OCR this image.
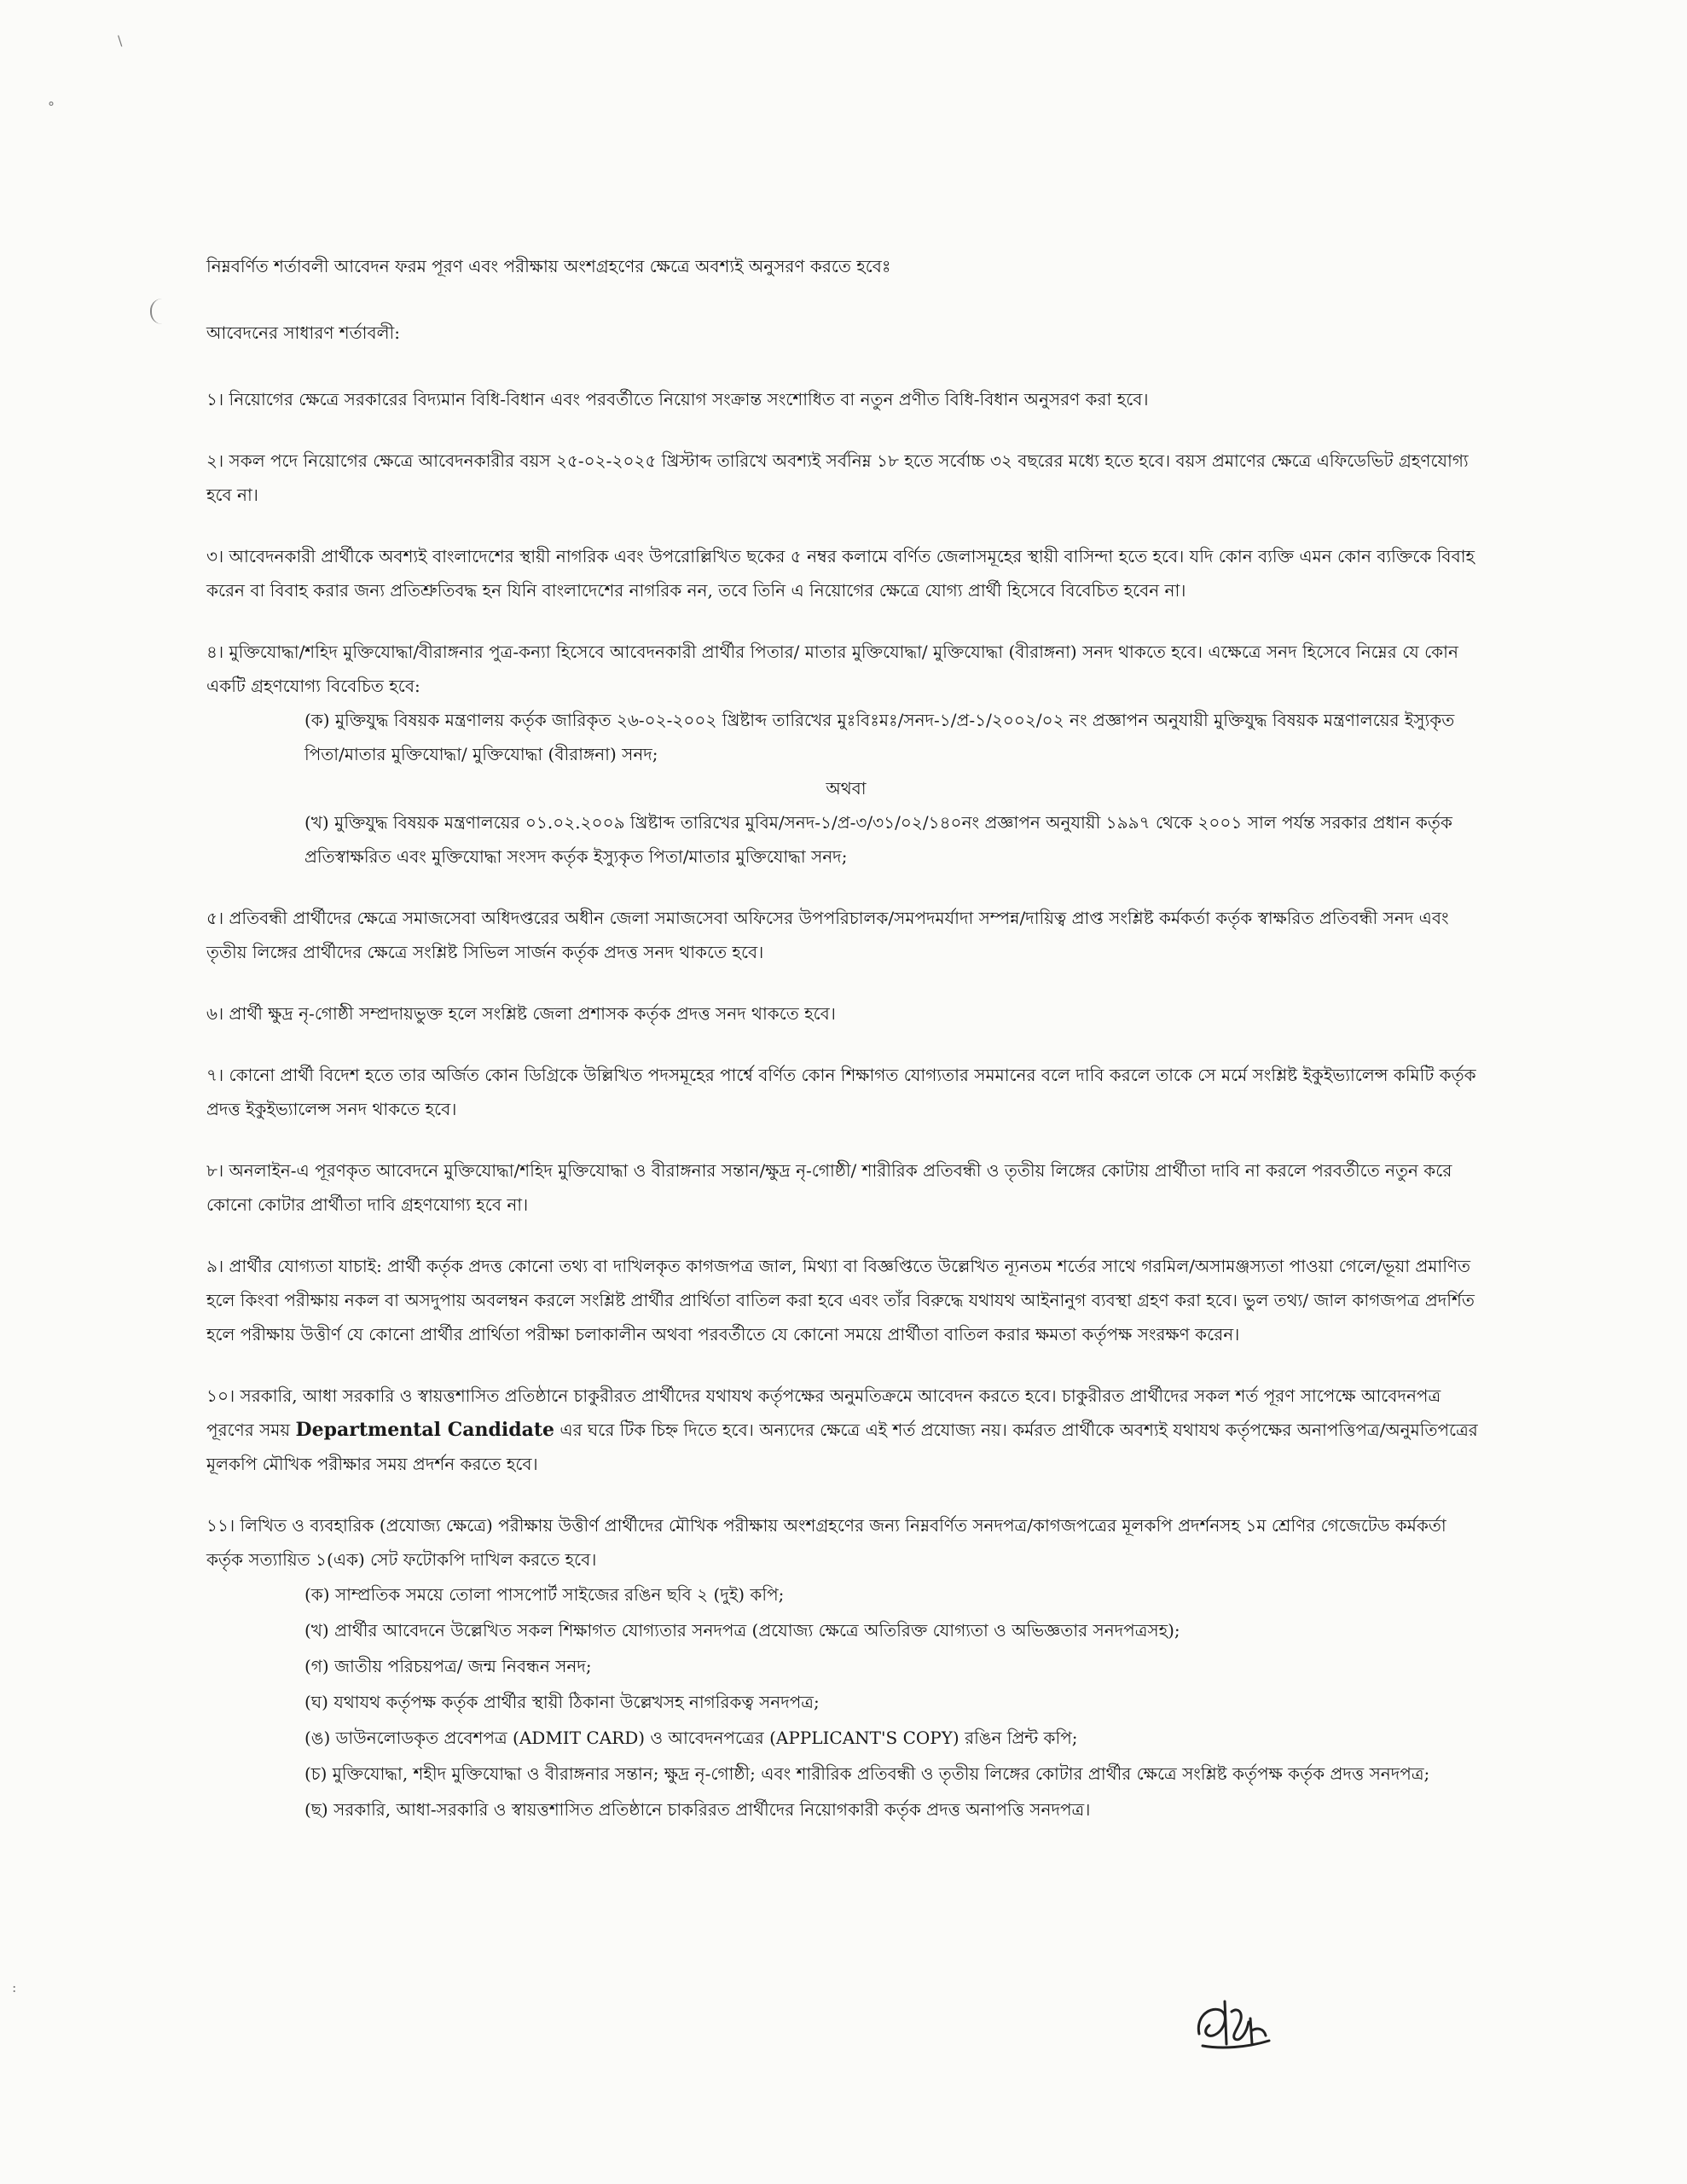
\
°
:
নিম্নবর্ণিত শর্তাবলী আবেদন ফরম পূরণ এবং পরীক্ষায় অংশগ্রহণের ক্ষেত্রে অবশ্যই অনুসরণ করতে হবেঃ
আবেদনের সাধারণ শর্তাবলী:
১। নিয়োগের ক্ষেত্রে সরকারের বিদ্যমান বিধি-বিধান এবং পরবর্তীতে নিয়োগ সংক্রান্ত সংশোধিত বা নতুন প্রণীত বিধি-বিধান অনুসরণ করা হবে।
২। সকল পদে নিয়োগের ক্ষেত্রে আবেদনকারীর বয়স ২৫-০২-২০২৫ খ্রিস্টাব্দ তারিখে অবশ্যই সর্বনিম্ন ১৮ হতে সর্বোচ্চ ৩২ বছরের মধ্যে হতে হবে। বয়স প্রমাণের ক্ষেত্রে এফিডেভিট গ্রহণযোগ্য হবে না।
৩। আবেদনকারী প্রার্থীকে অবশ্যই বাংলাদেশের স্থায়ী নাগরিক এবং উপরোল্লিখিত ছকের ৫ নম্বর কলামে বর্ণিত জেলাসমূহের স্থায়ী বাসিন্দা হতে হবে। যদি কোন ব্যক্তি এমন কোন ব্যক্তিকে বিবাহ করেন বা বিবাহ করার জন্য প্রতিশ্রুতিবদ্ধ হন যিনি বাংলাদেশের নাগরিক নন, তবে তিনি এ নিয়োগের ক্ষেত্রে যোগ্য প্রার্থী হিসেবে বিবেচিত হবেন না।
৪। মুক্তিযোদ্ধা/শহিদ মুক্তিযোদ্ধা/বীরাঙ্গনার পুত্র-কন্যা হিসেবে আবেদনকারী প্রার্থীর পিতার/ মাতার মুক্তিযোদ্ধা/ মুক্তিযোদ্ধা (বীরাঙ্গনা) সনদ থাকতে হবে। এক্ষেত্রে সনদ হিসেবে নিম্নের যে কোন একটি গ্রহণযোগ্য বিবেচিত হবে:
(ক) মুক্তিযুদ্ধ বিষয়ক মন্ত্রণালয় কর্তৃক জারিকৃত ২৬-০২-২০০২ খ্রিষ্টাব্দ তারিখের মুঃবিঃমঃ/সনদ-১/প্র-১/২০০২/০২ নং প্রজ্ঞাপন অনুযায়ী মুক্তিযুদ্ধ বিষয়ক মন্ত্রণালয়ের ইস্যুকৃত পিতা/মাতার মুক্তিযোদ্ধা/ মুক্তিযোদ্ধা (বীরাঙ্গনা) সনদ;
অথবা
(খ) মুক্তিযুদ্ধ বিষয়ক মন্ত্রণালয়ের ০১.০২.২০০৯ খ্রিষ্টাব্দ তারিখের মুবিম/সনদ-১/প্র-৩/৩১/০২/১৪০নং প্রজ্ঞাপন অনুযায়ী ১৯৯৭ থেকে ২০০১ সাল পর্যন্ত সরকার প্রধান কর্তৃক প্রতিস্বাক্ষরিত এবং মুক্তিযোদ্ধা সংসদ কর্তৃক ইস্যুকৃত পিতা/মাতার মুক্তিযোদ্ধা সনদ;
৫। প্রতিবন্ধী প্রার্থীদের ক্ষেত্রে সমাজসেবা অধিদপ্তরের অধীন জেলা সমাজসেবা অফিসের উপপরিচালক/সমপদমর্যাদা সম্পন্ন/দায়িত্ব প্রাপ্ত সংশ্লিষ্ট কর্মকর্তা কর্তৃক স্বাক্ষরিত প্রতিবন্ধী সনদ এবং তৃতীয় লিঙ্গের প্রার্থীদের ক্ষেত্রে সংশ্লিষ্ট সিভিল সার্জন কর্তৃক প্রদত্ত সনদ থাকতে হবে।
৬। প্রার্থী ক্ষুদ্র নৃ-গোষ্ঠী সম্প্রদায়ভুক্ত হলে সংশ্লিষ্ট জেলা প্রশাসক কর্তৃক প্রদত্ত সনদ থাকতে হবে।
৭। কোনো প্রার্থী বিদেশ হতে তার অর্জিত কোন ডিগ্রিকে উল্লিখিত পদসমূহের পার্শ্বে বর্ণিত কোন শিক্ষাগত যোগ্যতার সমমানের বলে দাবি করলে তাকে সে মর্মে সংশ্লিষ্ট ইকুইভ্যালেন্স কমিটি কর্তৃক প্রদত্ত ইকুইভ্যালেন্স সনদ থাকতে হবে।
৮। অনলাইন-এ পূরণকৃত আবেদনে মুক্তিযোদ্ধা/শহিদ মুক্তিযোদ্ধা ও বীরাঙ্গনার সন্তান/ক্ষুদ্র নৃ-গোষ্ঠী/ শারীরিক প্রতিবন্ধী ও তৃতীয় লিঙ্গের কোটায় প্রার্থীতা দাবি না করলে পরবর্তীতে নতুন করে কোনো কোটার প্রার্থীতা দাবি গ্রহণযোগ্য হবে না।
৯। প্রার্থীর যোগ্যতা যাচাই: প্রার্থী কর্তৃক প্রদত্ত কোনো তথ্য বা দাখিলকৃত কাগজপত্র জাল, মিথ্যা বা বিজ্ঞপ্তিতে উল্লেখিত ন্যূনতম শর্তের সাথে গরমিল/অসামঞ্জস্যতা পাওয়া গেলে/ভূয়া প্রমাণিত হলে কিংবা পরীক্ষায় নকল বা অসদুপায় অবলম্বন করলে সংশ্লিষ্ট প্রার্থীর প্রার্থিতা বাতিল করা হবে এবং তাঁর বিরুদ্ধে যথাযথ আইনানুগ ব্যবস্থা গ্রহণ করা হবে। ভুল তথ্য/ জাল কাগজপত্র প্রদর্শিত হলে পরীক্ষায় উত্তীর্ণ যে কোনো প্রার্থীর প্রার্থিতা পরীক্ষা চলাকালীন অথবা পরবর্তীতে যে কোনো সময়ে প্রার্থীতা বাতিল করার ক্ষমতা কর্তৃপক্ষ সংরক্ষণ করেন।
১০। সরকারি, আধা সরকারি ও স্বায়ত্তশাসিত প্রতিষ্ঠানে চাকুরীরত প্রার্থীদের যথাযথ কর্তৃপক্ষের অনুমতিক্রমে আবেদন করতে হবে। চাকুরীরত প্রার্থীদের সকল শর্ত পূরণ সাপেক্ষে আবেদনপত্র পূরণের সময় Departmental Candidate এর ঘরে টিক চিহ্ন দিতে হবে। অন্যদের ক্ষেত্রে এই শর্ত প্রযোজ্য নয়। কর্মরত প্রার্থীকে অবশ্যই যথাযথ কর্তৃপক্ষের অনাপত্তিপত্র/অনুমতিপত্রের মূলকপি মৌখিক পরীক্ষার সময় প্রদর্শন করতে হবে।
১১। লিখিত ও ব্যবহারিক (প্রযোজ্য ক্ষেত্রে) পরীক্ষায় উত্তীর্ণ প্রার্থীদের মৌখিক পরীক্ষায় অংশগ্রহণের জন্য নিম্নবর্ণিত সনদপত্র/কাগজপত্রের মূলকপি প্রদর্শনসহ ১ম শ্রেণির গেজেটেড কর্মকর্তা কর্তৃক সত্যায়িত ১(এক) সেট ফটোকপি দাখিল করতে হবে।
(ক) সাম্প্রতিক সময়ে তোলা পাসপোর্ট সাইজের রঙিন ছবি ২ (দুই) কপি;
(খ) প্রার্থীর আবেদনে উল্লেখিত সকল শিক্ষাগত যোগ্যতার সনদপত্র (প্রযোজ্য ক্ষেত্রে অতিরিক্ত যোগ্যতা ও অভিজ্ঞতার সনদপত্রসহ);
(গ) জাতীয় পরিচয়পত্র/ জন্ম নিবন্ধন সনদ;
(ঘ) যথাযথ কর্তৃপক্ষ কর্তৃক প্রার্থীর স্থায়ী ঠিকানা উল্লেখসহ নাগরিকত্ব সনদপত্র;
(ঙ) ডাউনলোডকৃত প্রবেশপত্র (ADMIT CARD) ও আবেদনপত্রের (APPLICANT'S COPY) রঙিন প্রিন্ট কপি;
(চ) মুক্তিযোদ্ধা, শহীদ মুক্তিযোদ্ধা ও বীরাঙ্গনার সন্তান; ক্ষুদ্র নৃ-গোষ্ঠী; এবং শারীরিক প্রতিবন্ধী ও তৃতীয় লিঙ্গের কোটার প্রার্থীর ক্ষেত্রে সংশ্লিষ্ট কর্তৃপক্ষ কর্তৃক প্রদত্ত সনদপত্র;
(ছ) সরকারি, আধা-সরকারি ও স্বায়ত্তশাসিত প্রতিষ্ঠানে চাকরিরত প্রার্থীদের নিয়োগকারী কর্তৃক প্রদত্ত অনাপত্তি সনদপত্র।
